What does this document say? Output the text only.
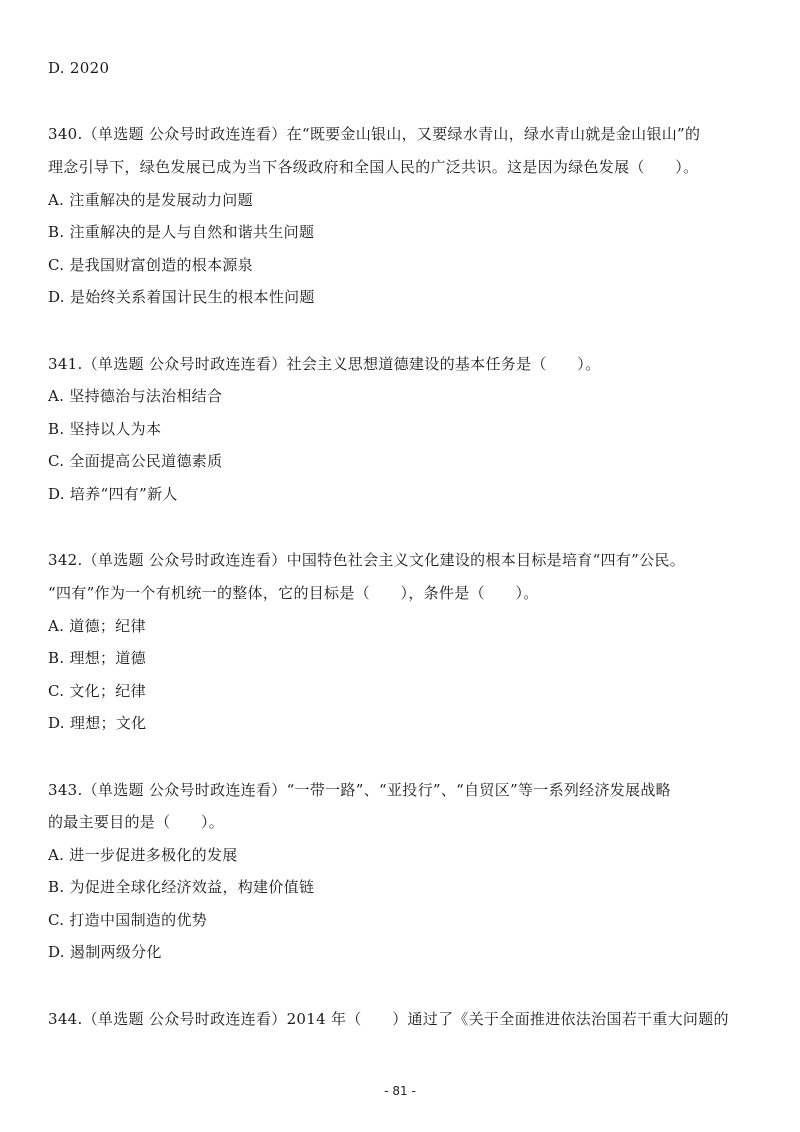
D. 2020
340.（单选题 公众号时政连连看）在“既要金山银山，又要绿水青山，绿水青山就是金山银山”的
理念引导下，绿色发展已成为当下各级政府和全国人民的广泛共识。这是因为绿色发展（　　）。
A. 注重解决的是发展动力问题
B. 注重解决的是人与自然和谐共生问题
C. 是我国财富创造的根本源泉
D. 是始终关系着国计民生的根本性问题
341.（单选题 公众号时政连连看）社会主义思想道德建设的基本任务是（　　）。
A. 坚持德治与法治相结合
B. 坚持以人为本
C. 全面提高公民道德素质
D. 培养“四有”新人
342.（单选题 公众号时政连连看）中国特色社会主义文化建设的根本目标是培育“四有”公民。
“四有”作为一个有机统一的整体，它的目标是（　　），条件是（　　）。
A. 道德；纪律
B. 理想；道德
C. 文化；纪律
D. 理想；文化
343.（单选题 公众号时政连连看）“一带一路”、“亚投行”、“自贸区”等一系列经济发展战略
的最主要目的是（　　）。
A. 进一步促进多极化的发展
B. 为促进全球化经济效益，构建价值链
C. 打造中国制造的优势
D. 遏制两级分化
344.（单选题 公众号时政连连看）2014 年（　　）通过了《关于全面推进依法治国若干重大问题的
- 81 -
